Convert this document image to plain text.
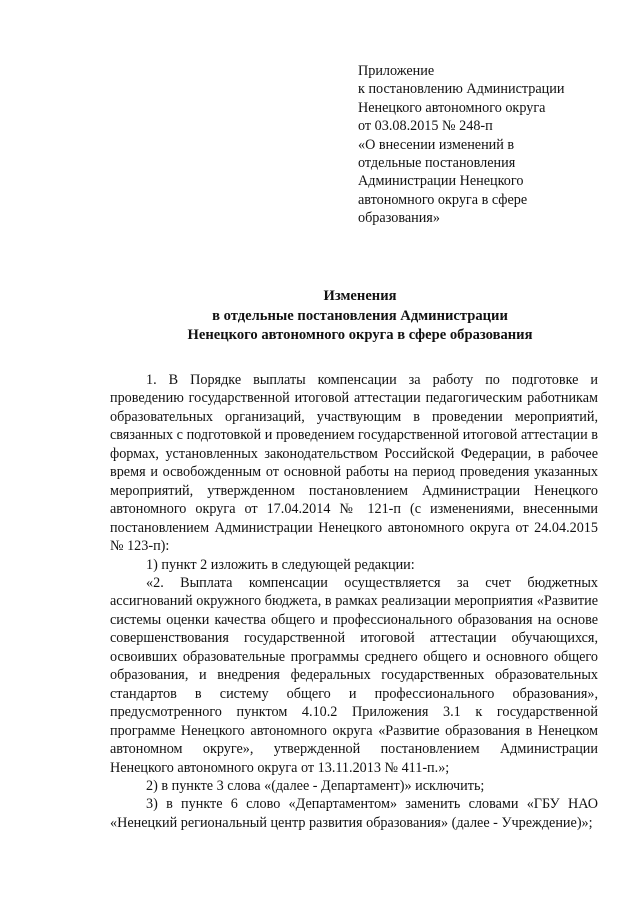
Приложение
к постановлению Администрации
Ненецкого автономного округа
от 03.08.2015 № 248-п
«О внесении изменений в
отдельные постановления
Администрации Ненецкого
автономного округа в сфере
образования»
Изменения
в отдельные постановления Администрации
Ненецкого автономного округа в сфере образования

1. В Порядке выплаты компенсации за работу по подготовке и проведению государственной итоговой аттестации педагогическим работникам образовательных организаций, участвующим в проведении мероприятий, связанных с подготовкой и проведением государственной итоговой аттестации в формах, установленных законодательством Российской Федерации, в рабочее время и освобожденным от основной работы на период проведения указанных мероприятий, утвержденном постановлением Администрации Ненецкого автономного округа от 17.04.2014 № 121-п (с изменениями, внесенными постановлением Администрации Ненецкого автономного округа от 24.04.2015 № 123-п):

1) пункт 2 изложить в следующей редакции:

«2. Выплата компенсации осуществляется за счет бюджетных ассигнований окружного бюджета, в рамках реализации мероприятия «Развитие системы оценки качества общего и профессионального образования на основе совершенствования государственной итоговой аттестации обучающихся, освоивших образовательные программы среднего общего и основного общего образования, и внедрения федеральных государственных образовательных стандартов в систему общего и профессионального образования», предусмотренного пунктом 4.10.2 Приложения 3.1 к государственной программе Ненецкого автономного округа «Развитие образования в Ненецком автономном округе», утвержденной постановлением Администрации Ненецкого автономного округа от 13.11.2013 № 411-п.»;

2) в пункте 3 слова «(далее - Департамент)» исключить;

3) в пункте 6 слово «Департаментом» заменить словами «ГБУ НАО «Ненецкий региональный центр развития образования» (далее - Учреждение)»;
